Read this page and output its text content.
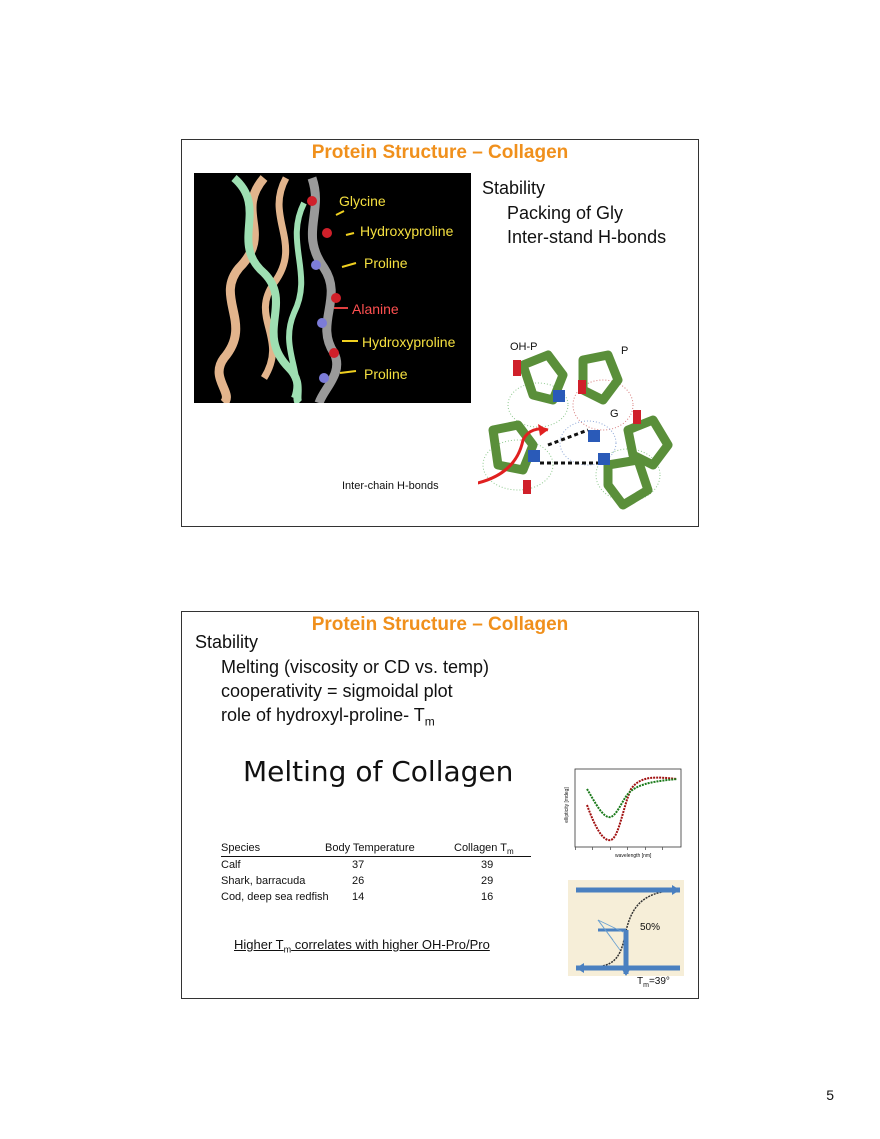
Protein Structure – Collagen
Glycine
Hydroxyproline
Proline
Alanine
Hydroxyproline
Proline
Stability
Packing of Gly
Inter-stand H-bonds
OH-P	P
G
Inter-chain H-bonds
Protein Structure – Collagen
Stability
Melting (viscosity or CD vs. temp)
cooperativity = sigmoidal plot
role of hydroxyl-proline- $T_m$
Melting of Collagen
Species	Body Temperature	Collagen $T_m$
Calf	37	39
Shark, barracuda	26	29
Cod, deep sea redfish 14	16
Higher $T_m$ correlates with higher OH-Pro/Pro
wavelength [nm]
ellipticity [mdeg]
50%
$T_m=39^\circ$
5
